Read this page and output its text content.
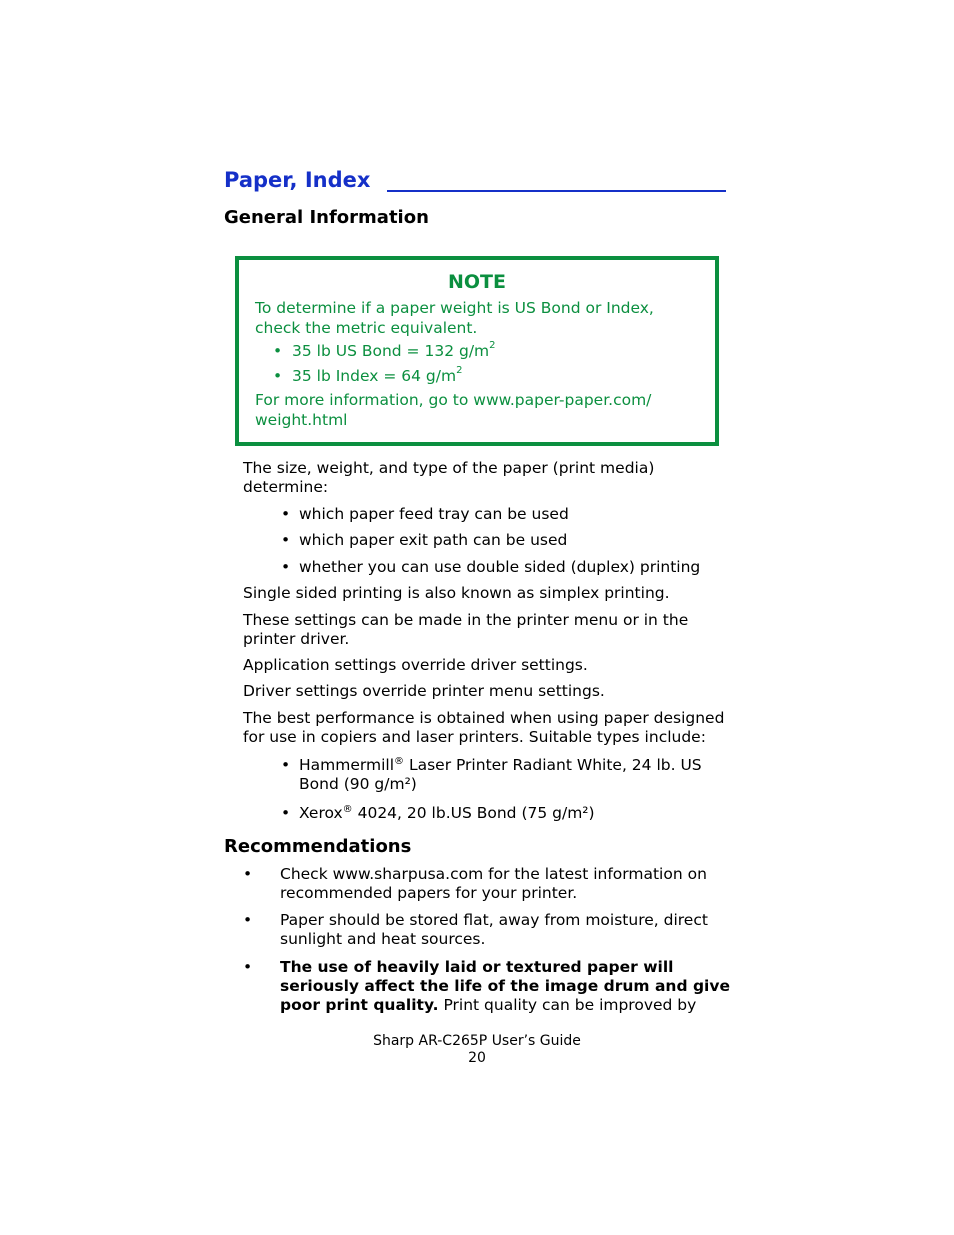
Paper, Index
General Information
NOTE
To determine if a paper weight is US Bond or Index,
check the metric equivalent.
• 35 lb US Bond = 132 $g/m^2$
• 35 lb Index = 64 $g/m^2$
For more information, go to www.paper-paper.com/
weight.html
The size, weight, and type of the paper (print media)
determine:
• which paper feed tray can be used
• which paper exit path can be used
• whether you can use double sided (duplex) printing
Single sided printing is also known as simplex printing.
These settings can be made in the printer menu or in the
printer driver.
Application settings override driver settings.
Driver settings override printer menu settings.
The best performance is obtained when using paper designed
for use in copiers and laser printers. Suitable types include:
• Hammermill® Laser Printer Radiant White, 24 lb. US
Bond (90 g/m²)
• Xerox® 4024, 20 lb.US Bond (75 g/m²)
Recommendations
• Check www.sharpusa.com for the latest information on
recommended papers for your printer.
• Paper should be stored flat, away from moisture, direct
sunlight and heat sources.
• The use of heavily laid or textured paper will
seriously affect the life of the image drum and give
poor print quality. Print quality can be improved by
Sharp AR-C265P User’s Guide
20
